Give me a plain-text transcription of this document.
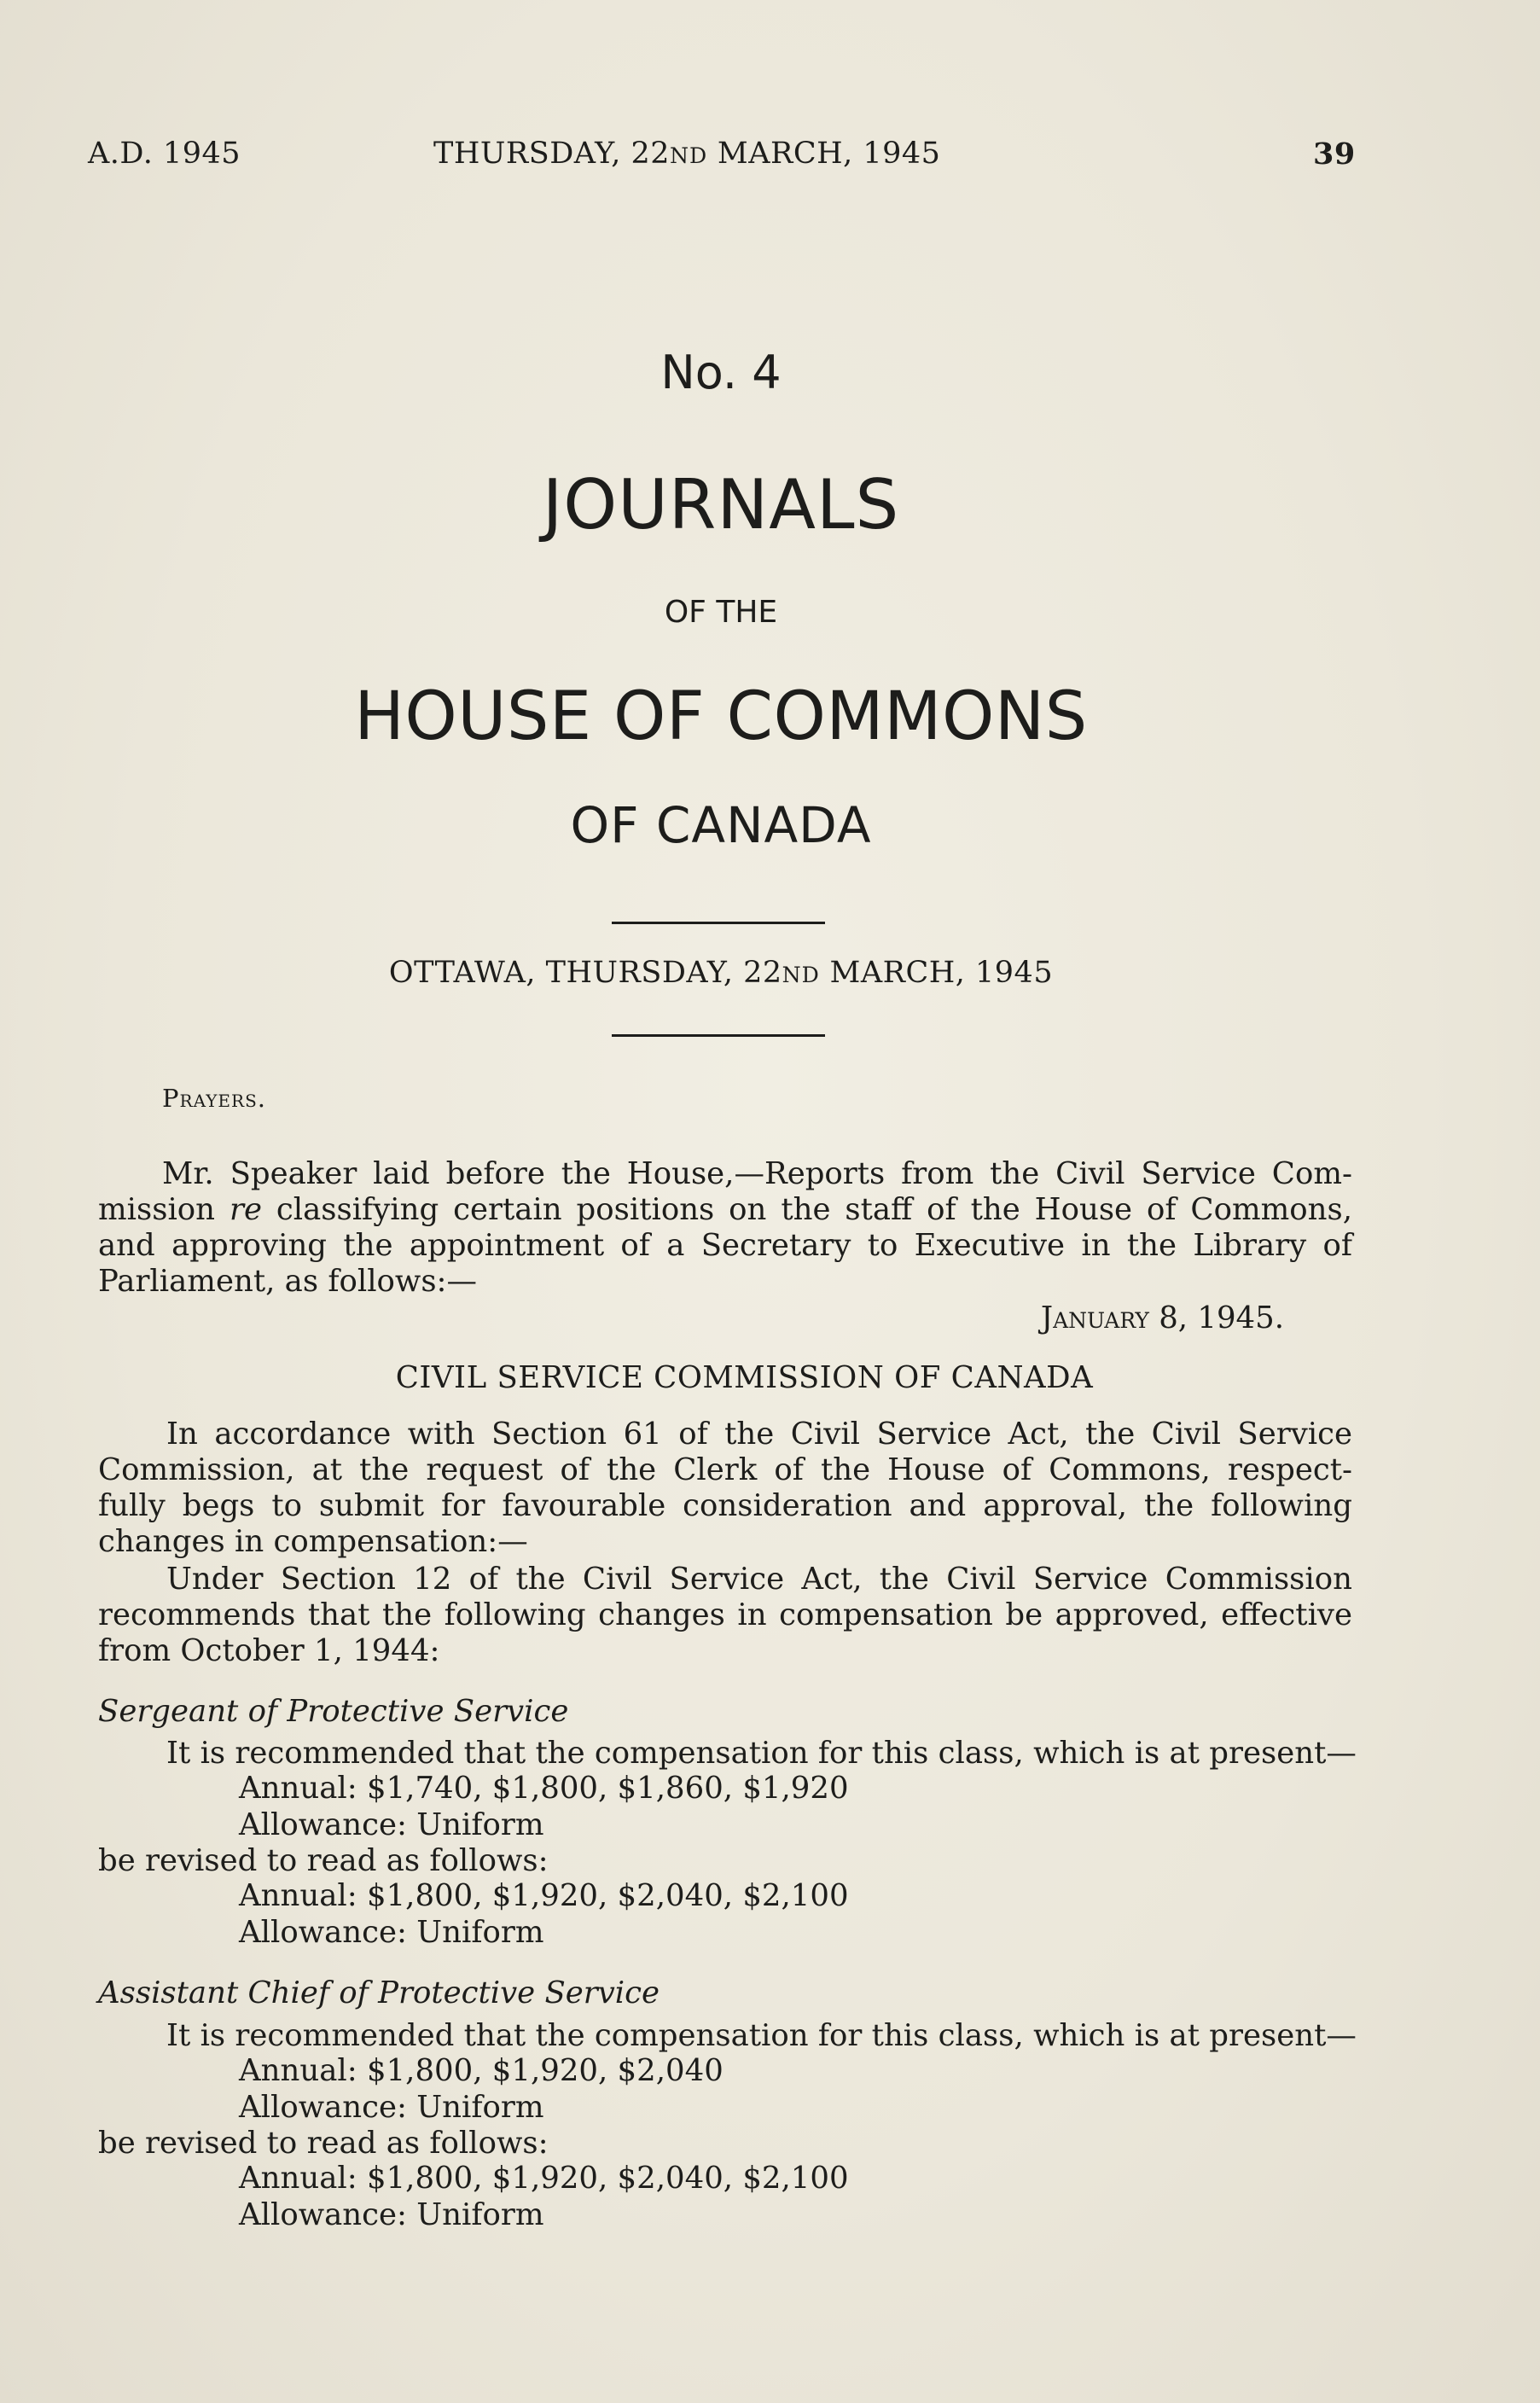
A.D. 1945	THURSDAY, 22ND MARCH, 1945	39
No. 4
JOURNALS
OF THE
HOUSE OF COMMONS
OF CANADA
OTTAWA, THURSDAY, 22ND MARCH, 1945
Prayers.
Mr. Speaker laid before the House,—Reports from the Civil Service Com-
mission re classifying certain positions on the staff of the House of Commons,
and approving the appointment of a Secretary to Executive in the Library of
Parliament, as follows:—
January 8, 1945.
CIVIL SERVICE COMMISSION OF CANADA
In accordance with Section 61 of the Civil Service Act, the Civil Service
Commission, at the request of the Clerk of the House of Commons, respect-
fully begs to submit for favourable consideration and approval, the following
changes in compensation:—
Under Section 12 of the Civil Service Act, the Civil Service Commission
recommends that the following changes in compensation be approved, effective
from October 1, 1944:
Sergeant of Protective Service
It is recommended that the compensation for this class, which is at present—
Annual: $1,740, $1,800, $1,860, $1,920
Allowance: Uniform
be revised to read as follows:
Annual: $1,800, $1,920, $2,040, $2,100
Allowance: Uniform
Assistant Chief of Protective Service
It is recommended that the compensation for this class, which is at present—
Annual: $1,800, $1,920, $2,040
Allowance: Uniform
be revised to read as follows:
Annual: $1,800, $1,920, $2,040, $2,100
Allowance: Uniform
